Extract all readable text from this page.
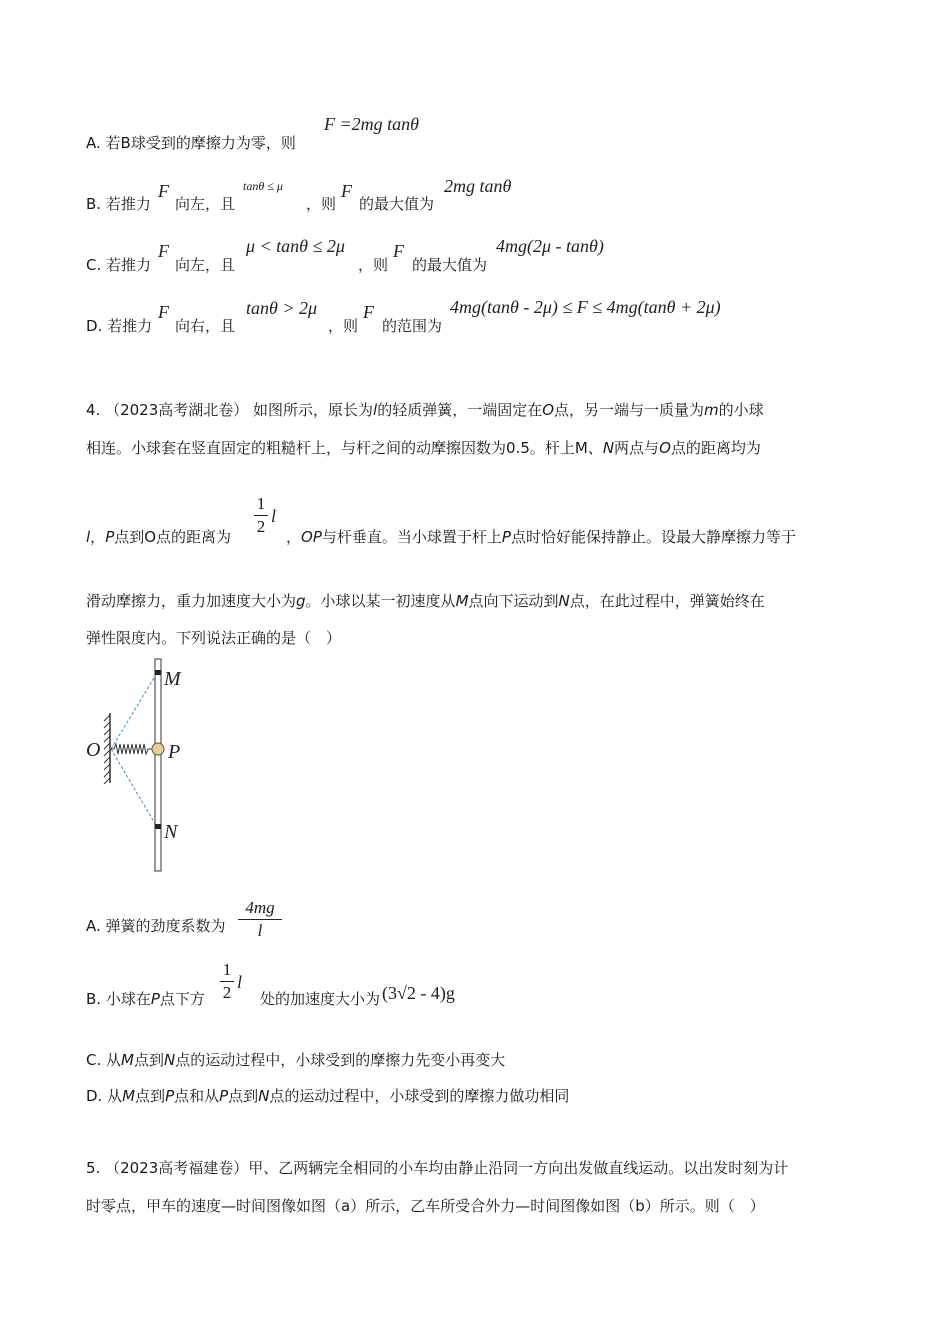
A. 若B球受到的摩擦力为零，则
F =2mg tanθ
B. 若推力
F
向左，且
tanθ ≤ μ
，则
F
的最大值为
2mg tanθ
C. 若推力
F
向左，且
μ < tanθ ≤ 2μ
，则
F
的最大值为
4mg(2μ - tanθ)
D. 若推力
F
向右，且
tanθ > 2μ
，则
F
的范围为
4mg(tanθ - 2μ) ≤ F ≤ 4mg(tanθ + 2μ)
4. （2023高考湖北卷） 如图所示，原长为l的轻质弹簧，一端固定在O点，另一端与一质量为m的小球
相连。小球套在竖直固定的粗糙杆上，与杆之间的动摩擦因数为0.5。杆上M、N两点与O点的距离均为
l，P点到O点的距离为
1
2
l
，OP与杆垂直。当小球置于杆上P点时恰好能保持静止。设最大静摩擦力等于
滑动摩擦力，重力加速度大小为g。小球以某一初速度从M点向下运动到N点，在此过程中，弹簧始终在
弹性限度内。下列说法正确的是（　）
M
O	P
N
A. 弹簧的劲度系数为
4mg
l
B. 小球在P点下方
1
2
l
处的加速度大小为 (3√2 - 4)g
C. 从M点到N点的运动过程中，小球受到的摩擦力先变小再变大
D. 从M点到P点和从P点到N点的运动过程中，小球受到的摩擦力做功相同
5. （2023高考福建卷）甲、乙两辆完全相同的小车均由静止沿同一方向出发做直线运动。以出发时刻为计
时零点，甲车的速度—时间图像如图（a）所示，乙车所受合外力—时间图像如图（b）所示。则（　）
